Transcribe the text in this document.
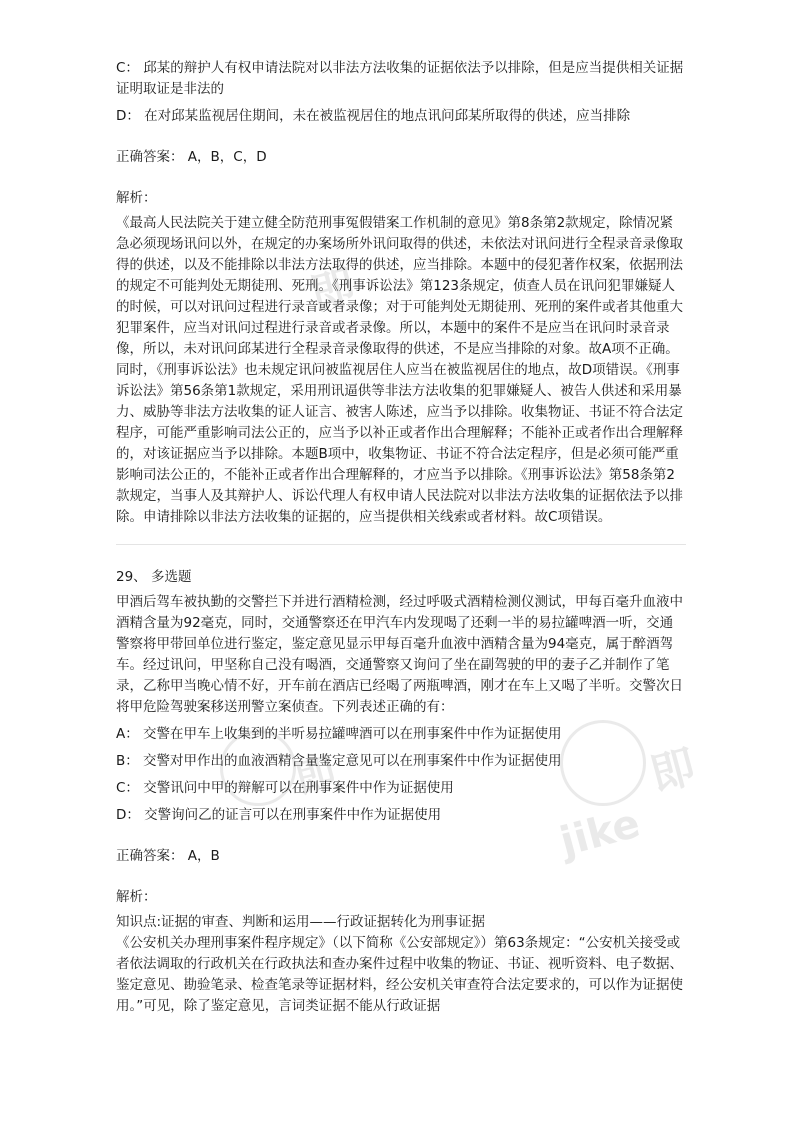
即
即
jike
即

C： 邱某的辩护人有权申请法院对以非法方法收集的证据依法予以排除，但是应当提供相关证据证明取证是非法的

D： 在对邱某监视居住期间，未在被监视居住的地点讯问邱某所取得的供述，应当排除

正确答案： A，B，C，D

解析：

《最高人民法院关于建立健全防范刑事冤假错案工作机制的意见》第8条第2款规定，除情况紧急必须现场讯问以外，在规定的办案场所外讯问取得的供述，未依法对讯问进行全程录音录像取得的供述，以及不能排除以非法方法取得的供述，应当排除。本题中的侵犯著作权案，依据刑法的规定不可能判处无期徒刑、死刑。《刑事诉讼法》第123条规定，侦查人员在讯问犯罪嫌疑人的时候，可以对讯问过程进行录音或者录像；对于可能判处无期徒刑、死刑的案件或者其他重大犯罪案件，应当对讯问过程进行录音或者录像。所以，本题中的案件不是应当在讯问时录音录像，所以，未对讯问邱某进行全程录音录像取得的供述，不是应当排除的对象。故A项不正确。同时，《刑事诉讼法》也未规定讯问被监视居住人应当在被监视居住的地点，故D项错误。《刑事诉讼法》第56条第1款规定，采用刑讯逼供等非法方法收集的犯罪嫌疑人、被告人供述和采用暴力、威胁等非法方法收集的证人证言、被害人陈述，应当予以排除。收集物证、书证不符合法定程序，可能严重影响司法公正的，应当予以补正或者作出合理解释；不能补正或者作出合理解释的，对该证据应当予以排除。本题B项中，收集物证、书证不符合法定程序，但是必须可能严重影响司法公正的，不能补正或者作出合理解释的，才应当予以排除。《刑事诉讼法》第58条第2款规定，当事人及其辩护人、诉讼代理人有权申请人民法院对以非法方法收集的证据依法予以排除。申请排除以非法方法收集的证据的，应当提供相关线索或者材料。故C项错误。

29、 多选题

甲酒后驾车被执勤的交警拦下并进行酒精检测，经过呼吸式酒精检测仪测试，甲每百毫升血液中酒精含量为92毫克，同时，交通警察还在甲汽车内发现喝了还剩一半的易拉罐啤酒一听，交通警察将甲带回单位进行鉴定，鉴定意见显示甲每百毫升血液中酒精含量为94毫克，属于醉酒驾车。经过讯问，甲坚称自己没有喝酒，交通警察又询问了坐在副驾驶的甲的妻子乙并制作了笔录，乙称甲当晚心情不好，开车前在酒店已经喝了两瓶啤酒，刚才在车上又喝了半听。交警次日将甲危险驾驶案移送刑警立案侦查。下列表述正确的有：

A： 交警在甲车上收集到的半听易拉罐啤酒可以在刑事案件中作为证据使用

B： 交警对甲作出的血液酒精含量鉴定意见可以在刑事案件中作为证据使用

C： 交警讯问中甲的辩解可以在刑事案件中作为证据使用

D： 交警询问乙的证言可以在刑事案件中作为证据使用

正确答案： A，B

解析：

知识点:证据的审查、判断和运用——行政证据转化为刑事证据

《公安机关办理刑事案件程序规定》（以下简称《公安部规定》）第63条规定：“公安机关接受或者依法调取的行政机关在行政执法和查办案件过程中收集的物证、书证、视听资料、电子数据、鉴定意见、勘验笔录、检查笔录等证据材料，经公安机关审查符合法定要求的，可以作为证据使用。”可见，除了鉴定意见，言词类证据不能从行政证据
